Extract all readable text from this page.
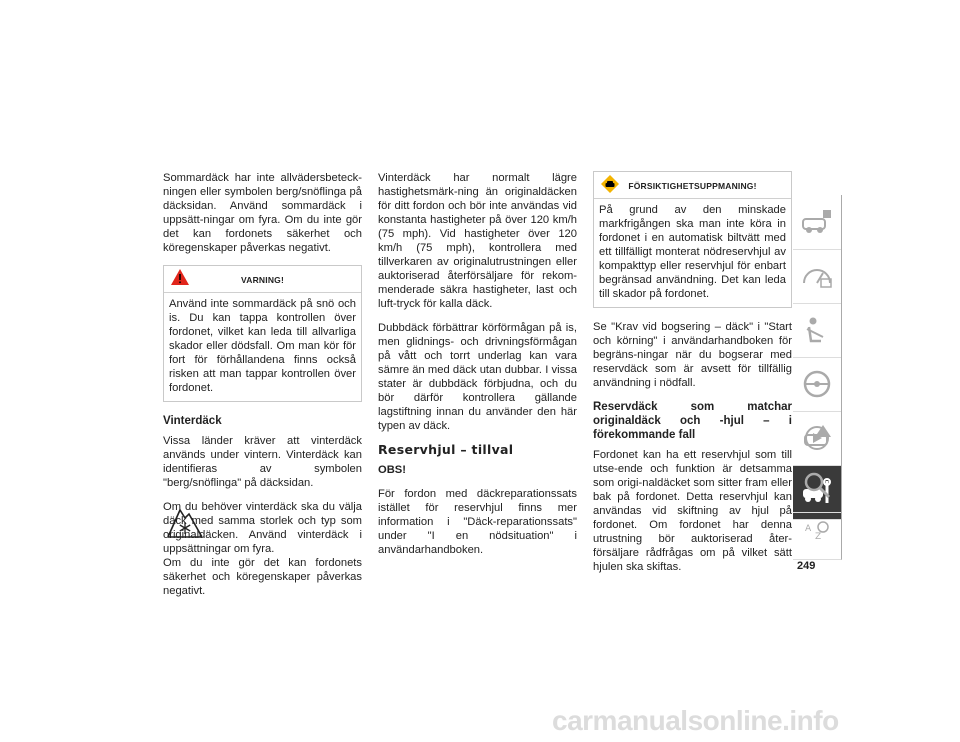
Sommardäck har inte allvädersbeteck-ningen eller symbolen berg/snöflinga på däcksidan. Använd sommardäck i uppsätt-ningar om fyra. Om du inte gör det kan fordonets säkerhet och köregenskaper påverkas negativt.

VARNING!
Använd inte sommardäck på snö och is. Du kan tappa kontrollen över fordonet, vilket kan leda till allvarliga skador eller dödsfall. Om man kör för fort för förhållandena finns också risken att man tappar kontrollen över fordonet.
Vinterdäck

Vissa länder kräver att vinterdäck används under vintern. Vinterdäck kan identifieras av symbolen "berg/snöflinga" på däcksidan.

Om du behöver vinterdäck ska du välja däck med samma storlek och typ som originaldäcken. Använd vinterdäck i uppsättningar om fyra.

Om du inte gör det kan fordonets säkerhet och köregenskaper påverkas negativt.

Vinterdäck har normalt lägre hastighetsmärk-ning än originaldäcken för ditt fordon och bör inte användas vid konstanta hastigheter på över 120 km/h (75 mph). Vid hastigheter över 120 km/h (75 mph), kontrollera med tillverkaren av originalutrustningen eller auktoriserad återförsäljare för rekom-menderade säkra hastigheter, last och luft-tryck för kalla däck.

Dubbdäck förbättrar körförmågan på is, men glidnings- och drivningsförmågan på vått och torrt underlag kan vara sämre än med däck utan dubbar. I vissa stater är dubbdäck förbjudna, och du bör därför kontrollera gällande lagstiftning innan du använder den här typen av däck.

Reservhjul – tillval

OBS!

För fordon med däckreparationssats istället för reservhjul finns mer information i "Däck-reparationssats" under "I en nödsituation" i användarhandboken.

FÖRSIKTIGHETSUPPMANING!
På grund av den minskade markfrigången ska man inte köra in fordonet i en automatisk biltvätt med ett tillfälligt monterat nödreservhjul av kompakttyp eller reservhjul för enbart begränsad användning. Det kan leda till skador på fordonet.

Se "Krav vid bogsering – däck" i "Start och körning" i användarhandboken för begräns-ningar när du bogserar med reservdäck som är avsett för tillfällig användning i nödfall.

Reservdäck som matchar originaldäck och -hjul – i förekommande fall

Fordonet kan ha ett reservhjul som till utse-ende och funktion är detsamma som origi-naldäcket som sitter fram eller bak på fordonet. Detta reservhjul kan användas vid skiftning av hjul på fordonet. Om fordonet har denna utrustning bör auktoriserad åter-försäljare rådfrågas om på vilket sätt hjulen ska skiftas.

A
Z
249
carmanualsonline.info
